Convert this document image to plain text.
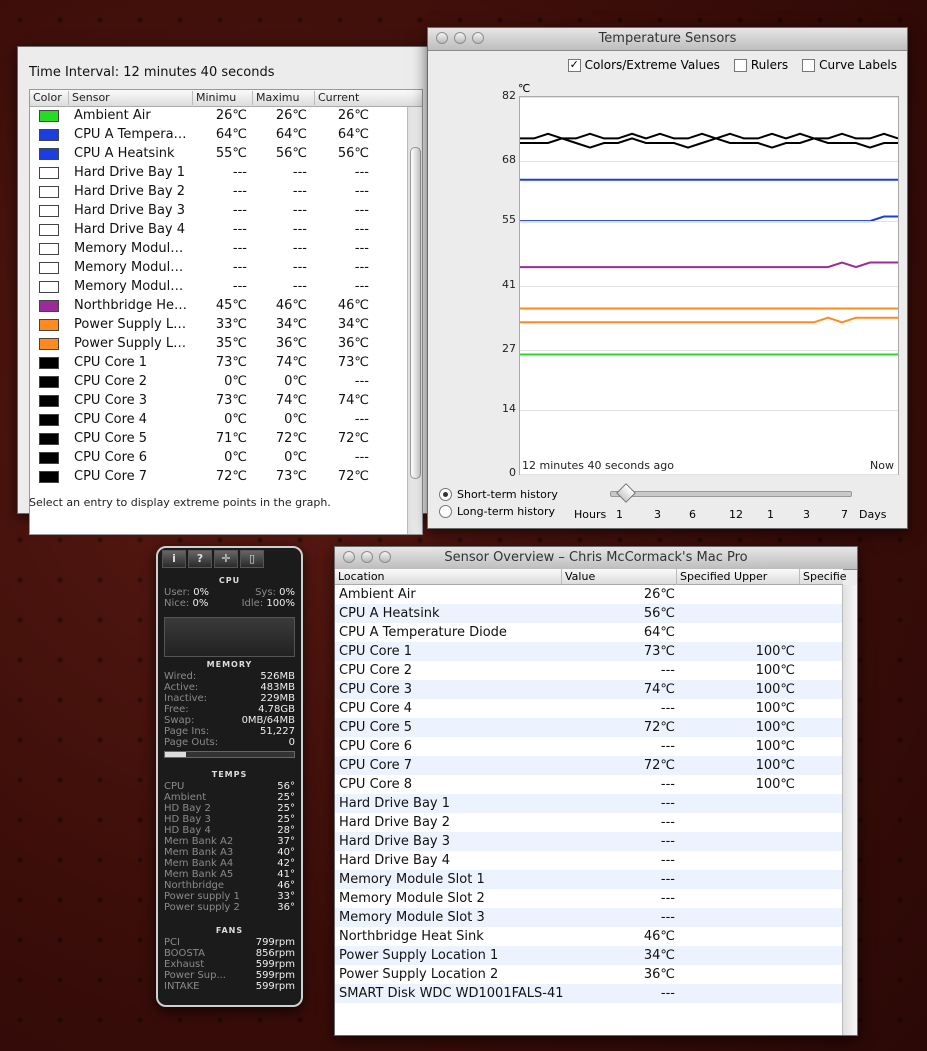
Time Interval: 12 minutes 40 seconds
Color Sensor	Minimu	Maximu	Current
Ambient Air	26℃	26℃	26℃
CPU A Tempera…	64℃	64℃	64℃
CPU A Heatsink	55℃	56℃	56℃
Hard Drive Bay 1	---	---	---
Hard Drive Bay 2	---	---	---
Hard Drive Bay 3	---	---	---
Hard Drive Bay 4	---	---	---
Memory Modul…	---	---	---
Memory Modul…	---	---	---
Memory Modul…	---	---	---
Northbridge He…	45℃	46℃	46℃
Power Supply L…	33℃	34℃	34℃
Power Supply L…	35℃	36℃	36℃
CPU Core 1	73℃	74℃	73℃
CPU Core 2	0℃	0℃	---
CPU Core 3	73℃	74℃	74℃
CPU Core 4	0℃	0℃	---
CPU Core 5	71℃	72℃	72℃
CPU Core 6	0℃	0℃	---
CPU Core 7	72℃	73℃	72℃
Select an entry to display extreme points in the graph.
Temperature Sensors
✓ Colors/Extreme Values	Rulers	Curve Labels
℃
82
68
55
41
27
14
0
12 minutes 40 seconds ago	Now
Short-term history
Long-term history Hours 1	3	6	12 1	3	7 Days
i	?	✛	▯
CPU
User: 0%	Sys: 0%
Nice: 0%	Idle: 100%
MEMORY
Wired:	526MB
Active:	483MB
Inactive:	229MB
Free:	4.78GB
Swap:	0MB/64MB
Page Ins:	51,227
Page Outs:	0
TEMPS
CPU	56°
Ambient	25°
HD Bay 2	25°
HD Bay 3	25°
HD Bay 4	28°
Mem Bank A2	37°
Mem Bank A3	40°
Mem Bank A4	42°
Mem Bank A5	41°
Northbridge	46°
Power supply 1	33°
Power supply 2	36°
FANS
PCI	799rpm
BOOSTA	856rpm
Exhaust	599rpm
Power Sup...	599rpm
INTAKE	599rpm
Sensor Overview – Chris McCormack's Mac Pro
Location	Value	Specified Upper	Specifie
Ambient Air	26℃
CPU A Heatsink	56℃
CPU A Temperature Diode	64℃
CPU Core 1	73℃	100℃
CPU Core 2	---	100℃
CPU Core 3	74℃	100℃
CPU Core 4	---	100℃
CPU Core 5	72℃	100℃
CPU Core 6	---	100℃
CPU Core 7	72℃	100℃
CPU Core 8	---	100℃
Hard Drive Bay 1	---
Hard Drive Bay 2	---
Hard Drive Bay 3	---
Hard Drive Bay 4	---
Memory Module Slot 1	---
Memory Module Slot 2	---
Memory Module Slot 3	---
Northbridge Heat Sink	46℃
Power Supply Location 1	34℃
Power Supply Location 2	36℃
SMART Disk WDC WD1001FALS-41	---
